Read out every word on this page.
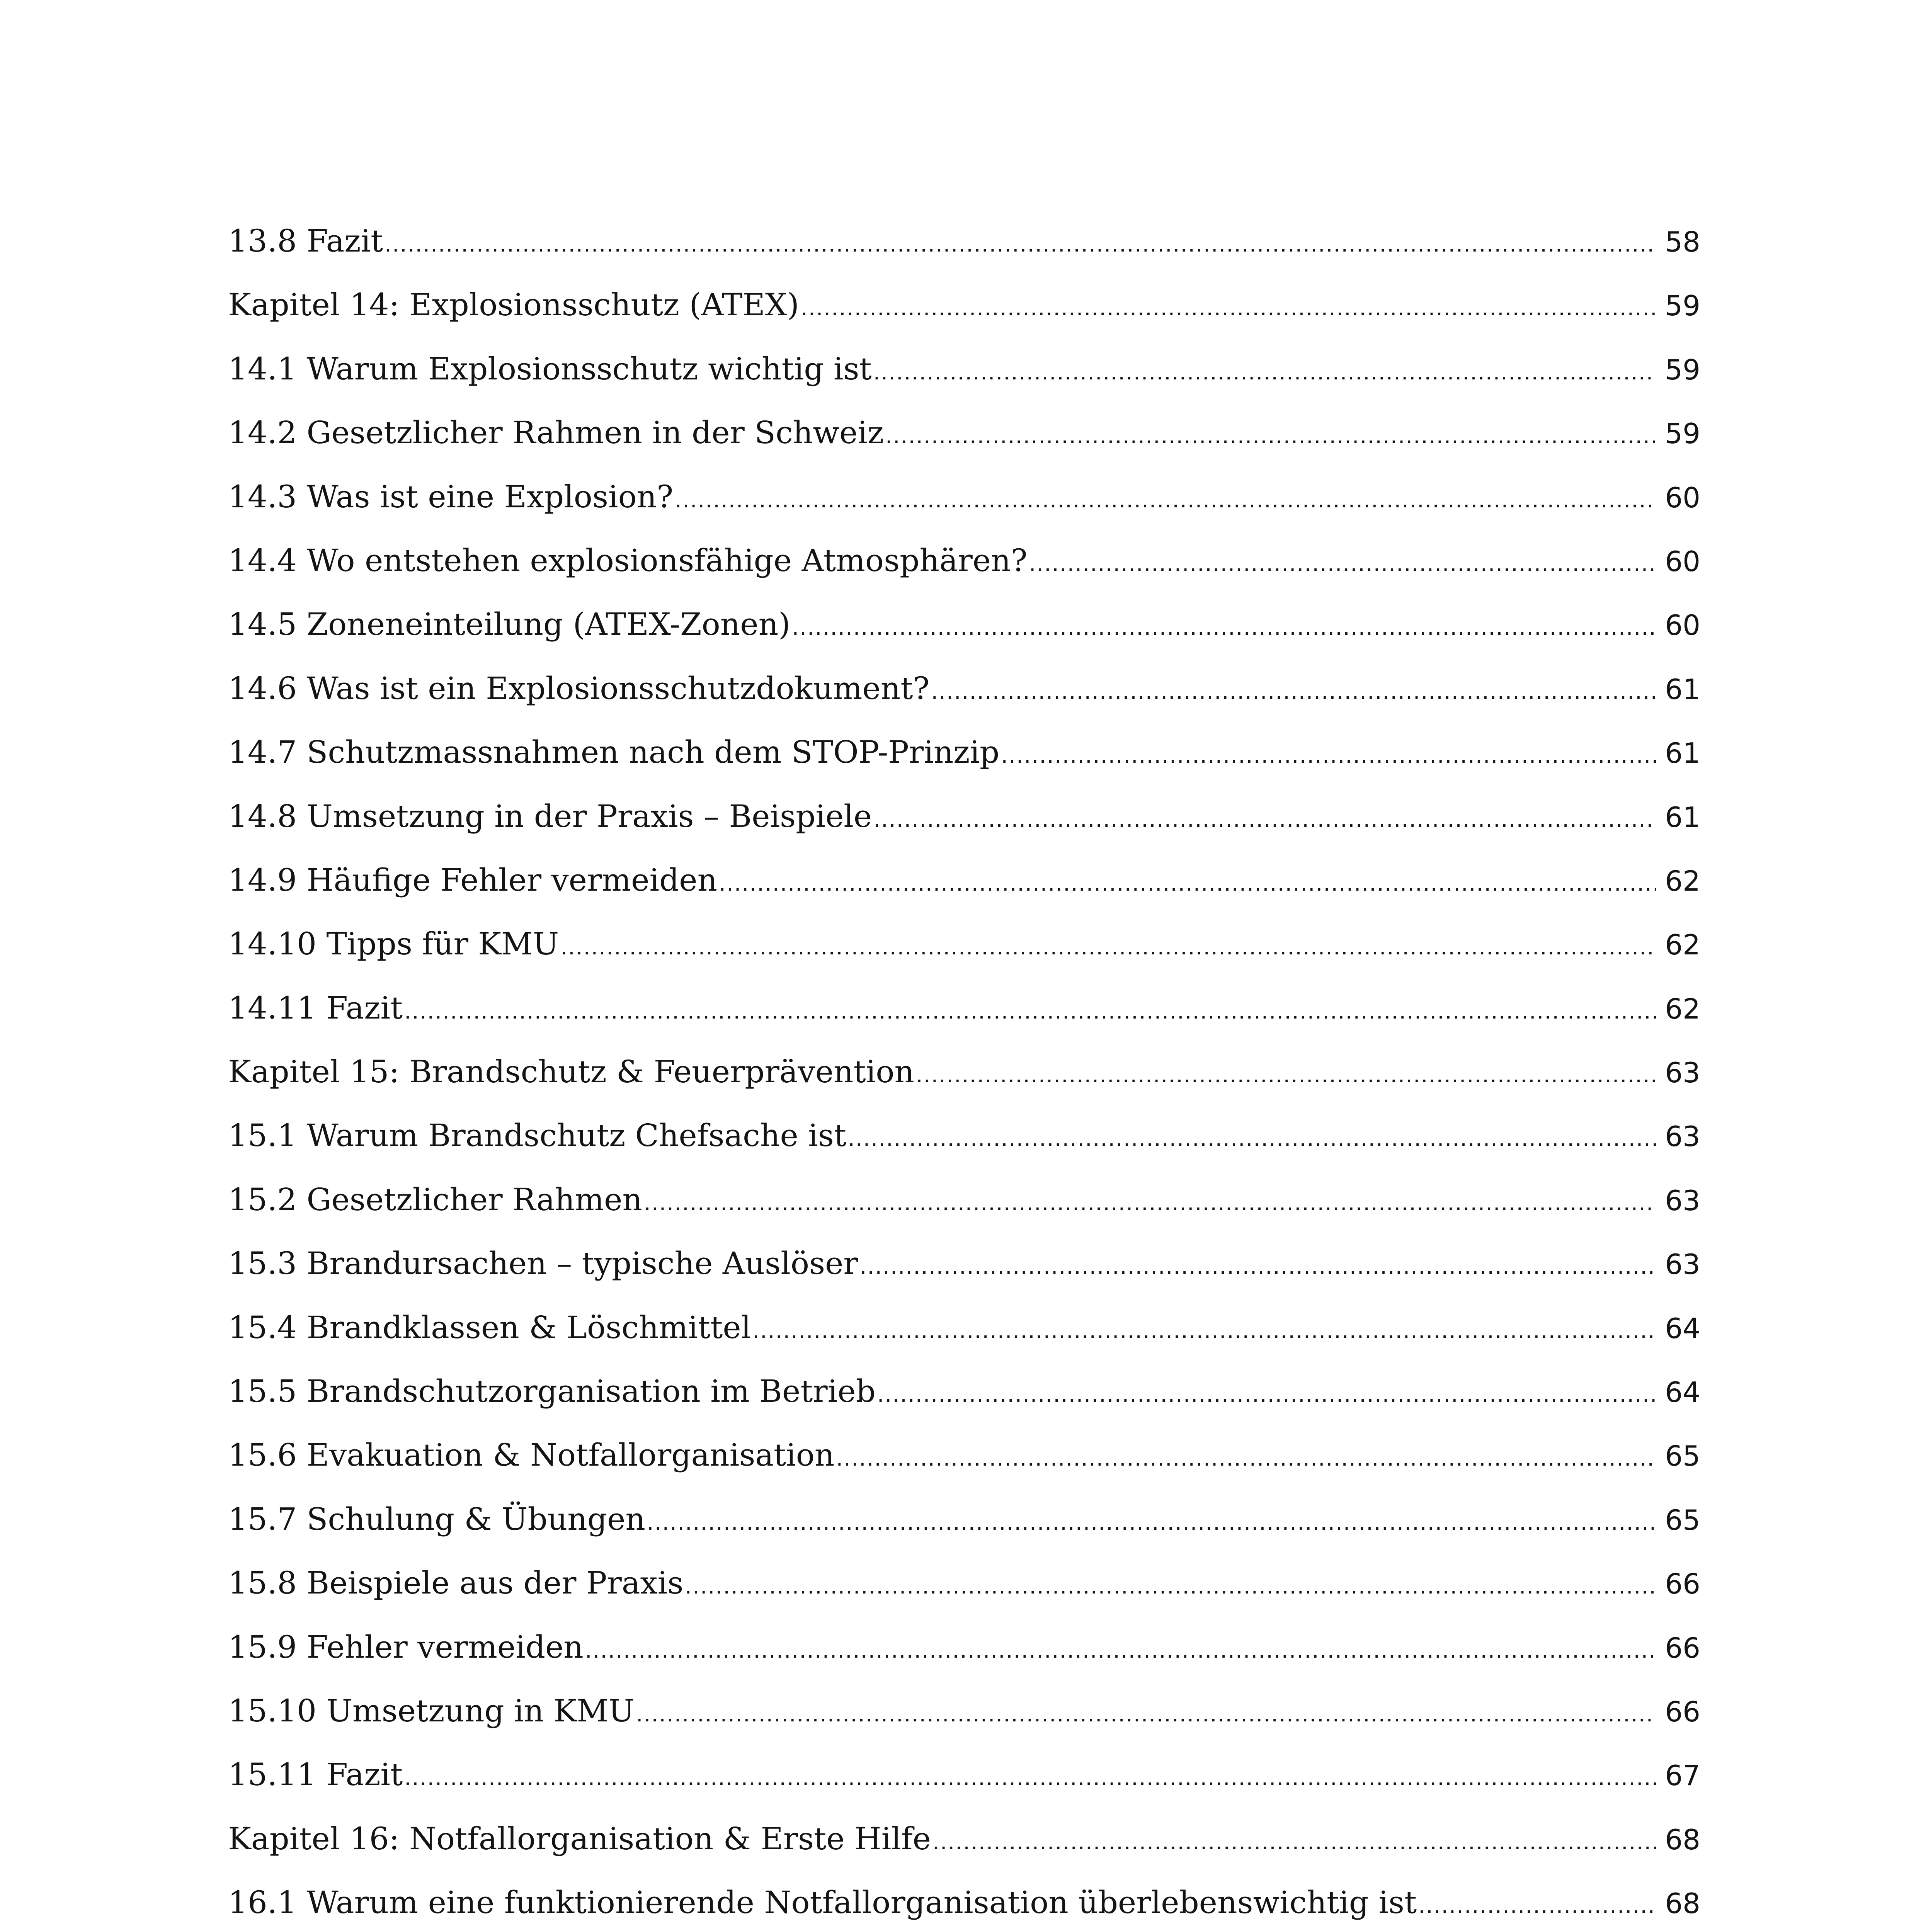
13.8 Fazit .....	58
Kapitel 14: Explosionsschutz (ATEX) .....	59
14.1 Warum Explosionsschutz wichtig ist .....	59
14.2 Gesetzlicher Rahmen in der Schweiz .....	59
14.3 Was ist eine Explosion? .....	60
14.4 Wo entstehen explosionsfähige Atmosphären? .....	60
14.5 Zoneneinteilung (ATEX-Zonen) .....	60
14.6 Was ist ein Explosionsschutzdokument? .....	61
14.7 Schutzmassnahmen nach dem STOP-Prinzip .....	61
14.8 Umsetzung in der Praxis – Beispiele .....	61
14.9 Häufige Fehler vermeiden .....	62
14.10 Tipps für KMU .....	62
14.11 Fazit .....	62
Kapitel 15: Brandschutz & Feuerprävention .....	63
15.1 Warum Brandschutz Chefsache ist .....	63
15.2 Gesetzlicher Rahmen .....	63
15.3 Brandursachen – typische Auslöser .....	63
15.4 Brandklassen & Löschmittel .....	64
15.5 Brandschutzorganisation im Betrieb .....	64
15.6 Evakuation & Notfallorganisation .....	65
15.7 Schulung & Übungen .....	65
15.8 Beispiele aus der Praxis .....	66
15.9 Fehler vermeiden .....	66
15.10 Umsetzung in KMU .....	66
15.11 Fazit .....	67
Kapitel 16: Notfallorganisation & Erste Hilfe .....	68
16.1 Warum eine funktionierende Notfallorganisation überlebenswichtig ist .....	68
